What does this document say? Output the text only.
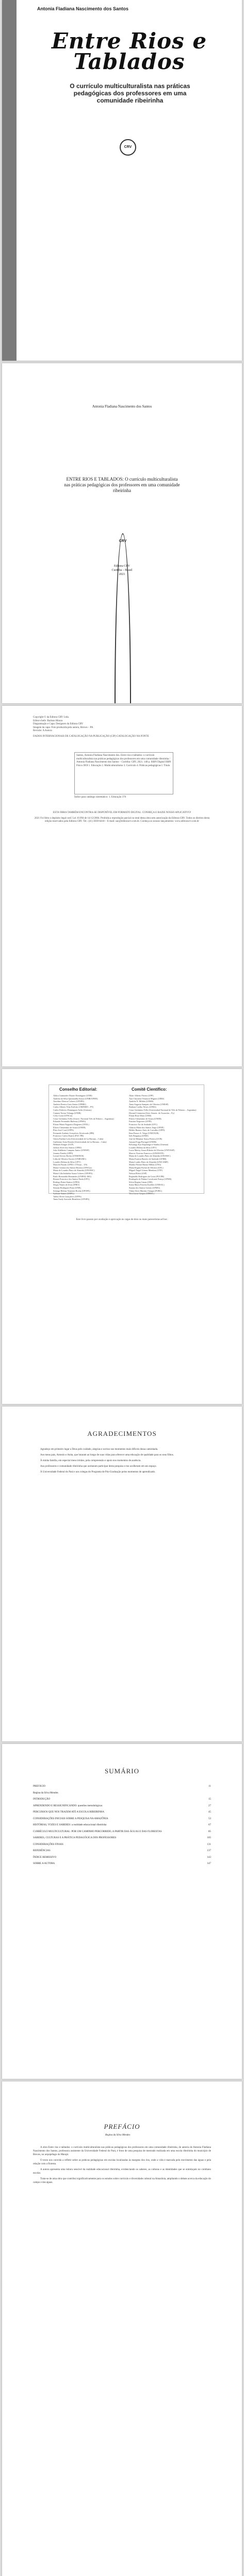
Antonia Fladiana Nascimento dos Santos
Entre Rios e Tablados
O currículo multiculturalista nas práticas pedagógicas dos professores em uma comunidade ribeirinha
CRV
Antonia Fladiana Nascimento dos Santos
ENTRE RIOS E TABLADOS: O currículo multiculturalista nas práticas pedagógicas dos professores em uma comunidade ribeirinha
CRV
Editora CRV
Curitiba – Brasil
2021
Copyright © da Editora CRV Ltda.
Editor-chefe: Railson Moura
Diagramação e Capa: Designers da Editora CRV
Imagem da capa: Foto produzida pela autora, Breves – PA
Revisão: A Autora
DADOS INTERNACIONAIS DE CATALOGAÇÃO NA PUBLICAÇÃO (CIP) CATALOGAÇÃO NA FONTE
Santos, Antonia Fladiana Nascimento dos. Entre rios e tablados: o currículo multiculturalista nas práticas pedagógicas dos professores em uma comunidade ribeirinha / Antonia Fladiana Nascimento dos Santos – Curitiba: CRV, 2021. 148 p. ISBN Digital ISBN Físico DOI 1. Educação 2. Multiculturalismo 3. Currículo 4. Práticas pedagógicas I. Título
Índice para catálogo sistemático: 1. Educação 370
ESTA OBRA TAMBÉM ENCONTRA-SE DISPONÍVEL EM FORMATO DIGITAL. CONHEÇA E BAIXE NOSSO APLICATIVO!
2021 Foi feito o depósito legal conf. Lei 10.994 de 14/12/2004. Proibida a reprodução parcial ou total desta obra sem autorização da Editora CRV. Todos os direitos desta edição reservados pela Editora CRV. Tel.: (41) 3039-6418 – E-mail: sac@editoracrv.com.br. Conheça os nossos lançamentos: www.editoracrv.com.br
Conselho Editorial:	Comitê Científico:
Aldira Guimarães Duarte Domínguez (UNB)
Andréia da Silva Quintanilha Sousa (UNIR/UFRN)
Anselmo Alencar Colares (UFOPA)
Antônio Pereira Gaio Júnior (UFRRJ)
Carlos Alberto Vilar Estêvão (UMINHO – PT)
Carlos Federico Dominguez Avila (Unieuro)
Carmen Tereza Velanga (UNIR)
Celso Conti (UFSCar)
Cesar Gerónimo Tello (Univer .Nacional Três de Febrero – Argentina)
Eduardo Fernandes Barbosa (UFMG)
Elione Maria Nogueira Diogenes (UFAL)
Elizeu Clementino de Souza (UNEB)
Élsio José Corá (UFFS)
Fernando Antônio Gonçalves Alcoforado (IPB)
Francisco Carlos Duarte (PUC-PR)
Gloria Fariñas León (Universidade de La Havana – Cuba)
Guillermo Arias Beatón (Universidade de La Havana – Cuba)
Helmuth Krüger (UCP)
Jailson Alves dos Santos (UFRJ)
João Adalberto Campato Junior (UNESP)
Josania Portela (UFPI)
Leonel Severo Rocha (UNISINOS)
Lídia de Oliveira Xavier (UNIEURO)
Lourdes Helena da Silva (UFV)
Marcelo Paixão (UFRJ e UTexas – US)
Maria Cristina dos Santos Bezerra (UFSCar)
Maria de Lourdes Pinto de Almeida (UNOESC)
Maria Lília Imbiriba Sousa Colares (UFOPA)
Paulo Romualdo Hernandes (UNIFAL-MG)
Renato Francisco dos Santos Paula (UFG)
Rodrigo Pratte-Santos (UFES)
Sérgio Nunes de Jesus (IFRO)
Simone Rodrigues Pinto (UNB)
Solange Helena Ximenes-Rocha (UFOPA)
Sydione Santos (UEPG)
Tadeu Oliver Gonçalves (UFPA)
Tania Suely Azevedo Brasileiro (UFOPA)
Altair Alberto Fávero (UPF)
Ana Chrystina Venancio Mignot (UERJ)
Andréia N. Militão (UEMS)
Anna Augusta Sampaio de Oliveira (UNESP)
Barbara Coelho Neves (UFBA)
Cesar Gerónimo Tello (Universidad Nacional de Três de Febrero – Argentina)
Diosnel Centurion (Univ Americ. de Asunción – Py)
Eliane Rose Maio (UEM)
Elizeu Clementino de Souza (UNEB)
Fauston Negreiros (UFPI)
Francisco Ari de Andrade (UFC)
Gláucia Maria dos Santos Jorge (UFOP)
Helder Buenos Aires de Carvalho (UFPI)
Ilma Passos A. Veiga (UNICEUB)
Inês Bragança (UERJ)
José de Ribamar Sousa Pereira (UCB)
Jussara Fraga Portugal (UNEB)
Kilwangy Kya Kapitango-a-Samba (Unemat)
Lourdes Helena da Silva (UFV)
Lucia Marisy Souza Ribeiro de Oliveira (UNIVASF)
Marcos Vinicius Francisco (UNOESTE)
Maria de Lourdes Pinto de Almeida (UNOESC)
Maria Eurácia Barreto de Andrade (UFRB)
Maria Lurdes Pinto de Almeida (UNICAMP)
Marilia Pereira Bueno Millan (UNG)
Marta Regina Furlan de Oliveira (UEL)
Míguel Ángel Gómez Mendoza (UTP)
Nelson Piletti (USP)
Reginaldo Rodrigues da Costa (PUCPR)
Rosângela de Fátima Cavalcante França (UFMS)
Silvia Regina Canan (URI)
Sonia Maria Ferreira Koehler (UNISAL)
Suzana dos Santos Gomes (UFMG)
Vânia Alves Martins Chaigar (FURG)
Vera Lucia Gaspar (UDESC)
Este livro passou por avaliação e aprovação às cegas de dois ou mais pareceristas ad hoc.
AGRADECIMENTOS
Agradeço em primeiro lugar a Deus pelo cuidado, alegrias e sorriso nos momentos mais difíceis dessa caminhada.
Aos meus pais, Antonio e Anita, que lutaram ao longo de suas vidas para oferecer uma educação de qualidade para os seus filhos.
À minha família, em especial meus irmãos, pela compreensão e apoio nos momentos de ausência.
Aos professores e comunidade ribeirinha que aceitaram participar desta pesquisa e me acolheram em seu espaço.
À Universidade Federal do Pará e aos colegas do Programa de Pós-Graduação pelos momentos de aprendizado.
SUMÁRIO
PREFÁCIO	11
Regina da Silva Mendes
INTRODUÇÃO	15
APRENDENDO E RESSIGNIFICANDO: questões metodológicas	27
PERCURSOS QUE NOS TRAZEM ATÉ A ESCOLA RIBEIRINHA	45
CONSIDERAÇÕES INICIAIS SOBRE A PESQUISA NA AMAZÔNIA	53
HISTÓRIAS, VOZES E SABERES: a realidade educacional ribeirinha	67
CURRÍCULO MULTICULTURAL: POR UM CAMINHO PERCORRIDO, A PARTIR DAS ÁGUAS E DAS FLORESTAS	85
SABERES, CULTURAS E A PRÁTICA PEDAGÓGICA DOS PROFESSORES	105
CONSIDERAÇÕES FINAIS	131
REFERÊNCIAS	137
ÍNDICE REMISSIVO	143
SOBRE A AUTORA	147
PREFÁCIO
Regina da Silva Mendes
A obra Entre rios e tablados: o currículo multiculturalista nas práticas pedagógicas dos professores em uma comunidade ribeirinha, de autoria de Antonia Fladiana Nascimento dos Santos, professora assistente da Universidade Federal do Pará, é fruto de uma pesquisa de mestrado realizada em uma escola ribeirinha do município de Breves, no arquipélago do Marajó.
O texto nos convida a refletir sobre as práticas pedagógicas em escolas localizadas às margens dos rios, onde a vida é marcada pelo movimento das águas e pela relação com a floresta.
A autora apresenta uma leitura sensível da realidade educacional ribeirinha, evidenciando os saberes, as culturas e as identidades que se entrelaçam no cotidiano escolar.
Trata-se de uma obra que contribui significativamente para os estudos sobre currículo e diversidade cultural na Amazônia, ampliando o debate acerca da educação do campo e das águas.
